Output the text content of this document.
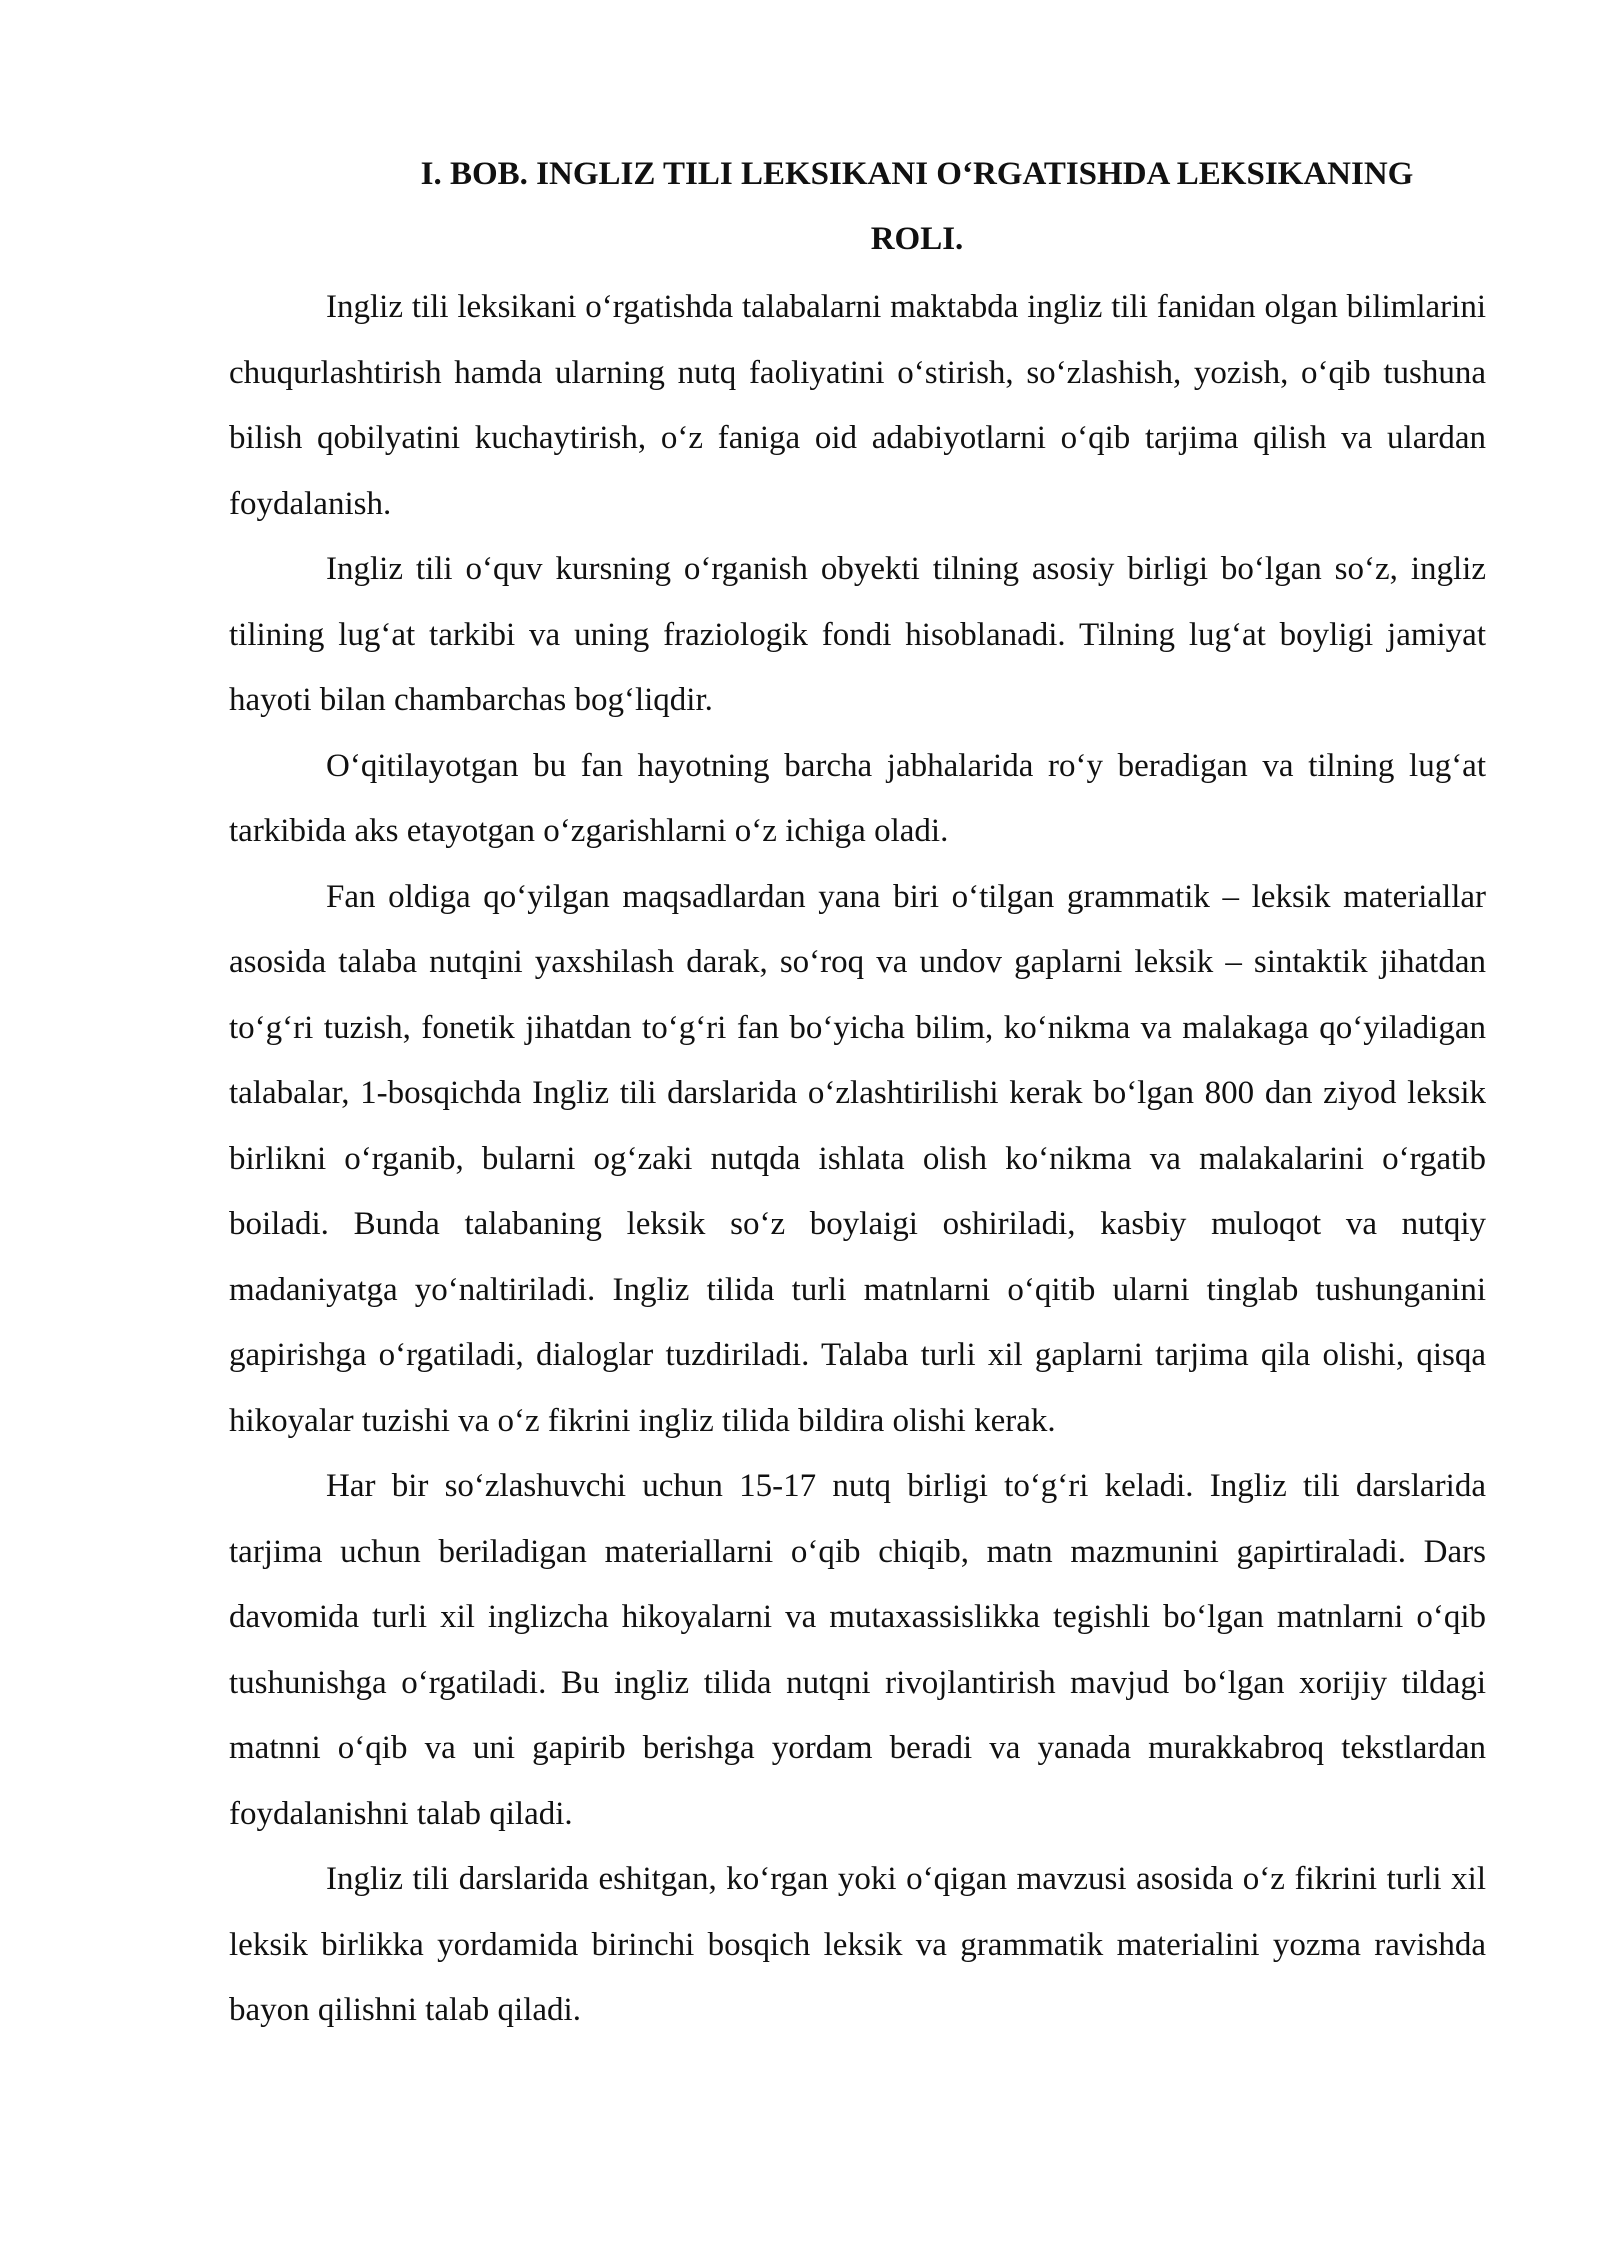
I. BOB. INGLIZ TILI LEKSIKANI O‘RGATISHDA LEKSIKANING
ROLI.

Ingliz tili leksikani o‘rgatishda talabalarni maktabda ingliz tili fanidan olgan bilimlarini chuqurlashtirish hamda ularning nutq faoliyatini o‘stirish, so‘zlashish, yozish, o‘qib tushuna bilish qobilyatini kuchaytirish, o‘z faniga oid adabiyotlarni o‘qib tarjima qilish va ulardan foydalanish.

Ingliz tili o‘quv kursning o‘rganish obyekti tilning asosiy birligi bo‘lgan so‘z, ingliz tilining lug‘at tarkibi va uning fraziologik fondi hisoblanadi. Tilning lug‘at boyligi jamiyat hayoti bilan chambarchas bog‘liqdir.

O‘qitilayotgan bu fan hayotning barcha jabhalarida ro‘y beradigan va tilning lug‘at tarkibida aks etayotgan o‘zgarishlarni o‘z ichiga oladi.

Fan oldiga qo‘yilgan maqsadlardan yana biri o‘tilgan grammatik – leksik materiallar asosida talaba nutqini yaxshilash darak, so‘roq va undov gaplarni leksik – sintaktik jihatdan to‘g‘ri tuzish, fonetik jihatdan to‘g‘ri fan bo‘yicha bilim, ko‘nikma va malakaga qo‘yiladigan talabalar, 1-bosqichda Ingliz tili darslarida o‘zlashtirilishi kerak bo‘lgan 800 dan ziyod leksik birlikni o‘rganib, bularni og‘zaki nutqda ishlata olish ko‘nikma va malakalarini o‘rgatib boiladi. Bunda talabaning leksik so‘z boylaigi oshiriladi, kasbiy muloqot va nutqiy madaniyatga yo‘naltiriladi. Ingliz tilida turli matnlarni o‘qitib ularni tinglab tushunganini gapirishga o‘rgatiladi, dialoglar tuzdiriladi. Talaba turli xil gaplarni tarjima qila olishi, qisqa hikoyalar tuzishi va o‘z fikrini ingliz tilida bildira olishi kerak.

Har bir so‘zlashuvchi uchun 15-17 nutq birligi to‘g‘ri keladi. Ingliz tili darslarida tarjima uchun beriladigan materiallarni o‘qib chiqib, matn mazmunini gapirtiraladi. Dars davomida turli xil inglizcha hikoyalarni va mutaxassislikka tegishli bo‘lgan matnlarni o‘qib tushunishga o‘rgatiladi. Bu ingliz tilida nutqni rivojlantirish mavjud bo‘lgan xorijiy tildagi matnni o‘qib va uni gapirib berishga yordam beradi va yanada murakkabroq tekstlardan foydalanishni talab qiladi.

Ingliz tili darslarida eshitgan, ko‘rgan yoki o‘qigan mavzusi asosida o‘z fikrini turli xil leksik birlikka yordamida birinchi bosqich leksik va grammatik materialini yozma ravishda bayon qilishni talab qiladi.
